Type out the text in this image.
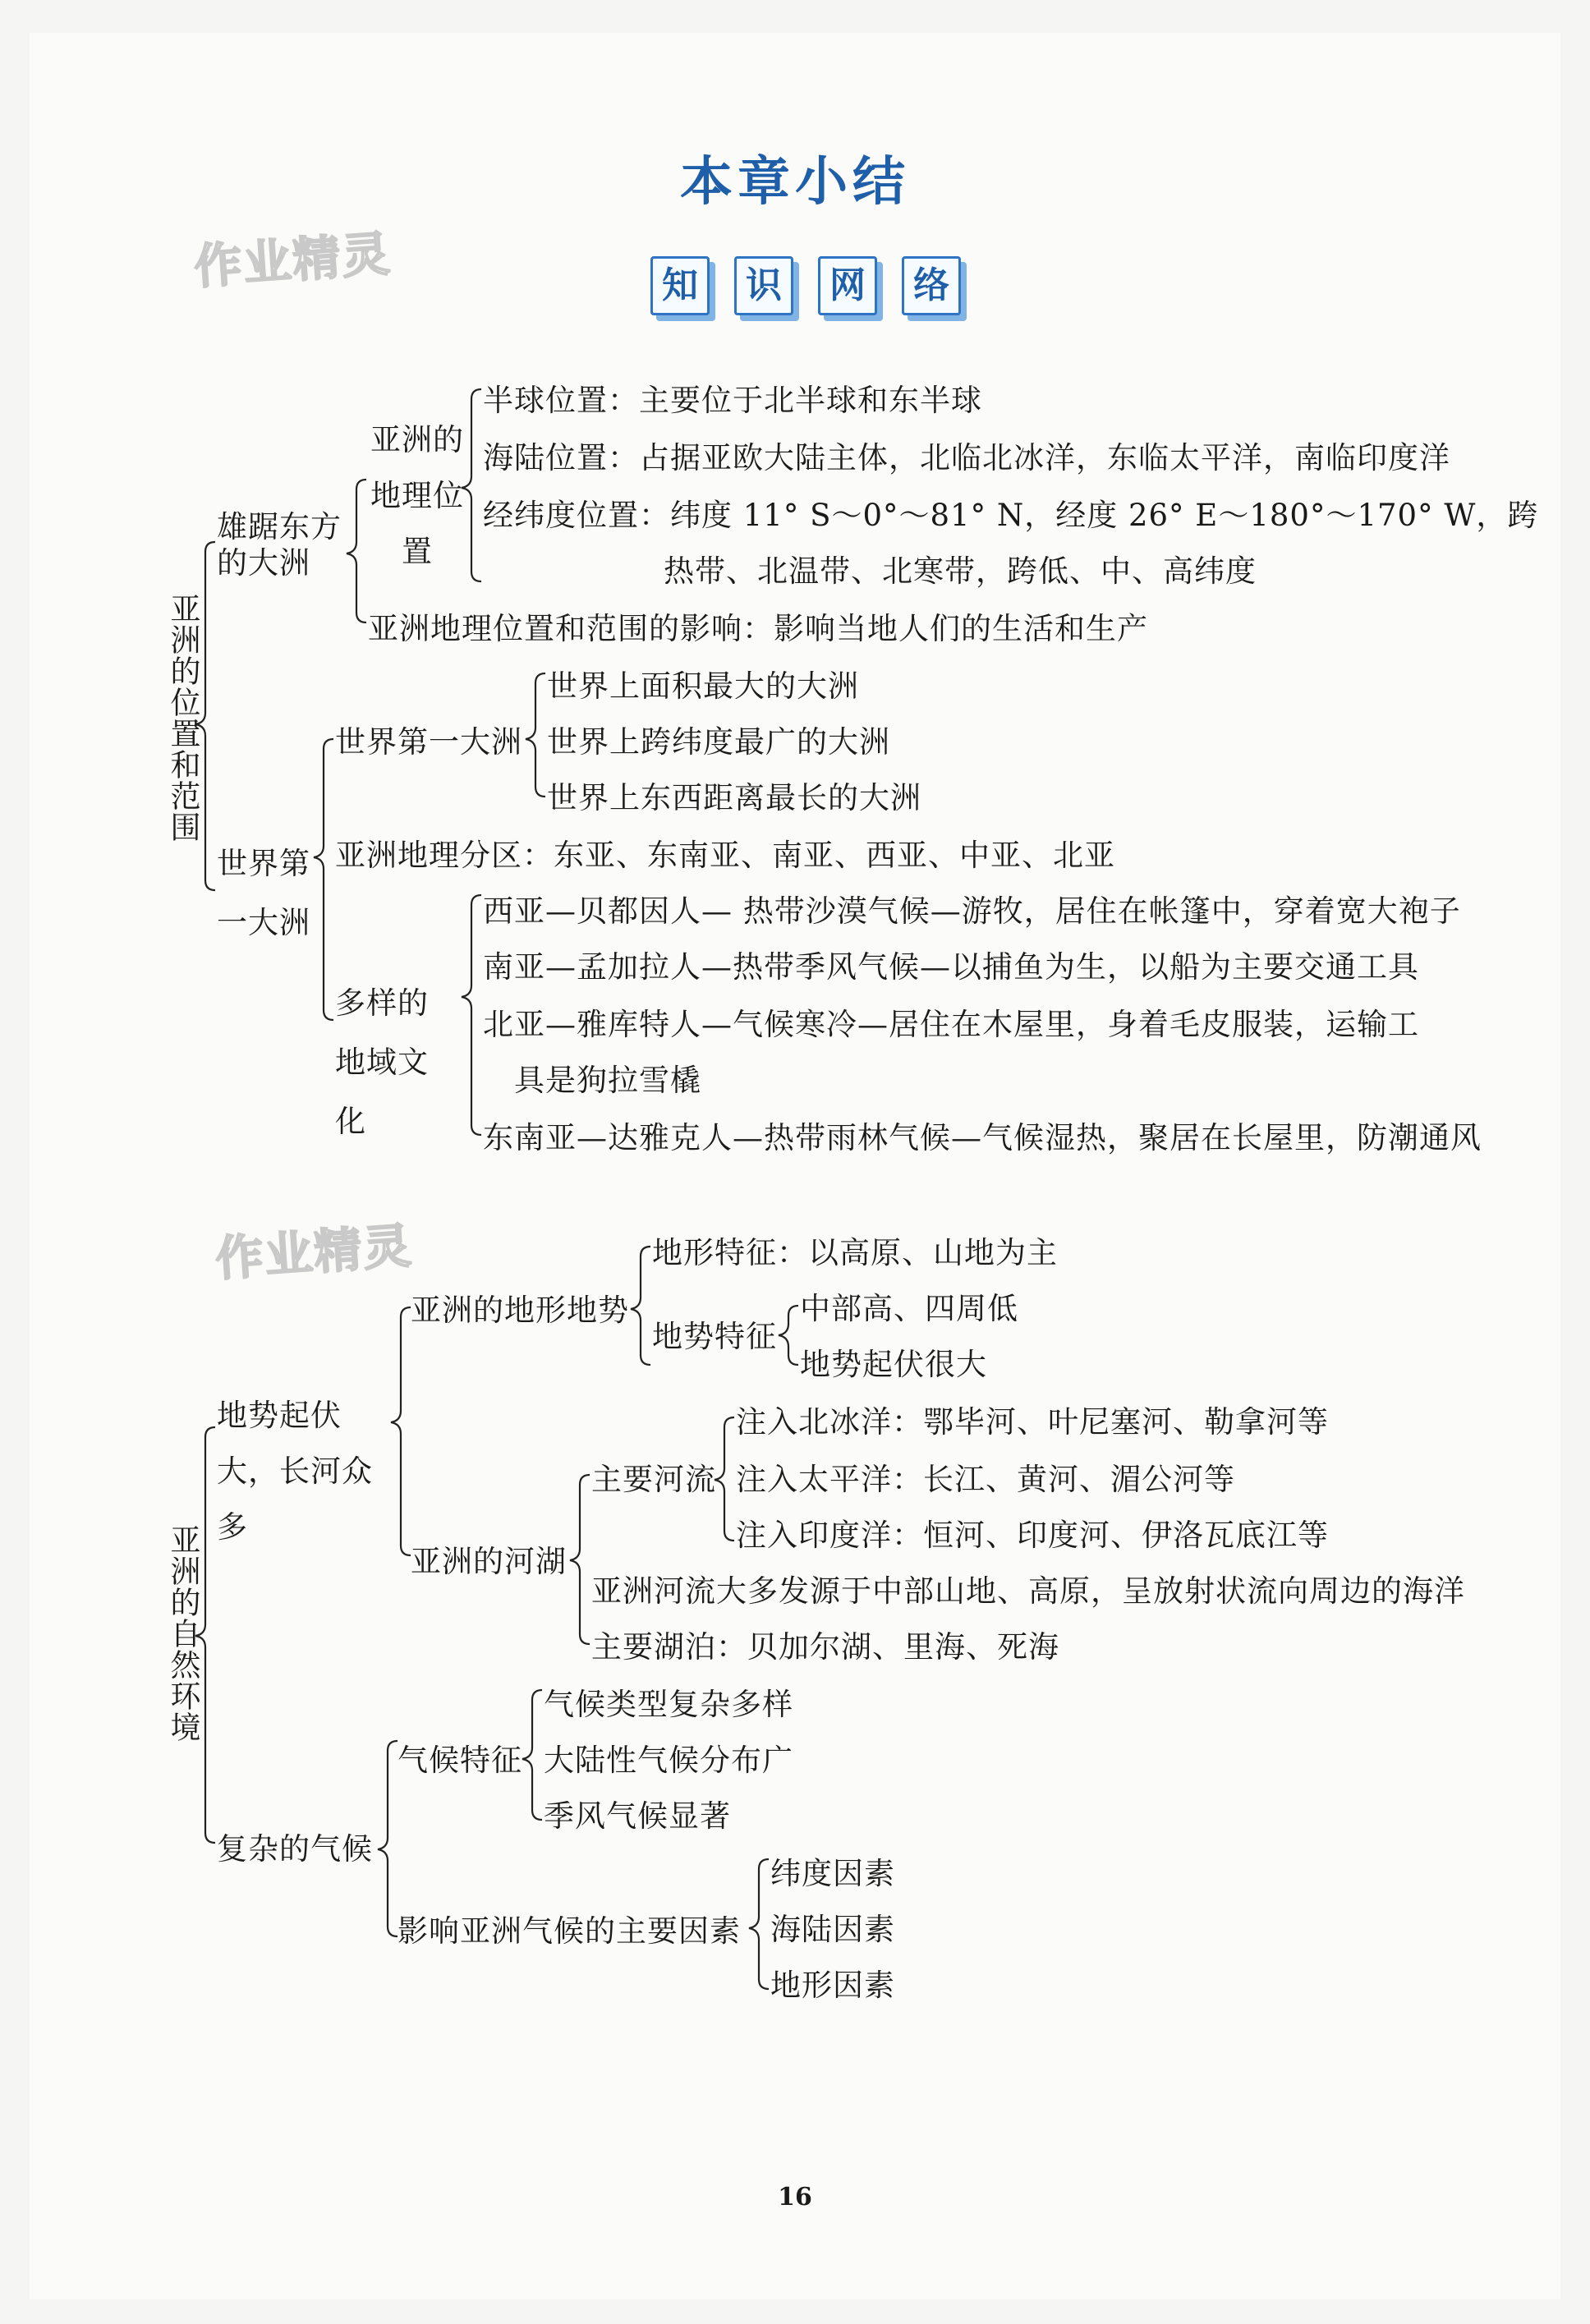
本章小结
知	识	网	络
作业精灵
作业精灵
亚洲的位置和范围
雄踞东方的大洲
亚洲的地理位置
半球位置：主要位于北半球和东半球
海陆位置：占据亚欧大陆主体，北临北冰洋，东临太平洋，南临印度洋
经纬度位置：纬度 11° S～0°～81° N，经度 26° E～180°～170° W，跨
热带、北温带、北寒带，跨低、中、高纬度
亚洲地理位置和范围的影响：影响当地人们的生活和生产
世界第一大洲
世界第一大洲
世界上面积最大的大洲
世界上跨纬度最广的大洲
世界上东西距离最长的大洲
亚洲地理分区：东亚、东南亚、南亚、西亚、中亚、北亚
多样的地域文化
西亚—贝都因人— 热带沙漠气候—游牧，居住在帐篷中，穿着宽大袍子
南亚—孟加拉人—热带季风气候—以捕鱼为生，以船为主要交通工具
北亚—雅库特人—气候寒冷—居住在木屋里，身着毛皮服装，运输工
具是狗拉雪橇
东南亚—达雅克人—热带雨林气候—气候湿热，聚居在长屋里，防潮通风
亚洲的自然环境
地势起伏大，长河众多
亚洲的地形地势
地形特征：以高原、山地为主
地势特征
中部高、四周低
地势起伏很大
亚洲的河湖
主要河流
注入北冰洋：鄂毕河、叶尼塞河、勒拿河等
注入太平洋：长江、黄河、湄公河等
注入印度洋：恒河、印度河、伊洛瓦底江等
亚洲河流大多发源于中部山地、高原，呈放射状流向周边的海洋
主要湖泊：贝加尔湖、里海、死海
复杂的气候
气候特征
气候类型复杂多样
大陆性气候分布广
季风气候显著
影响亚洲气候的主要因素
纬度因素
海陆因素
地形因素
16
